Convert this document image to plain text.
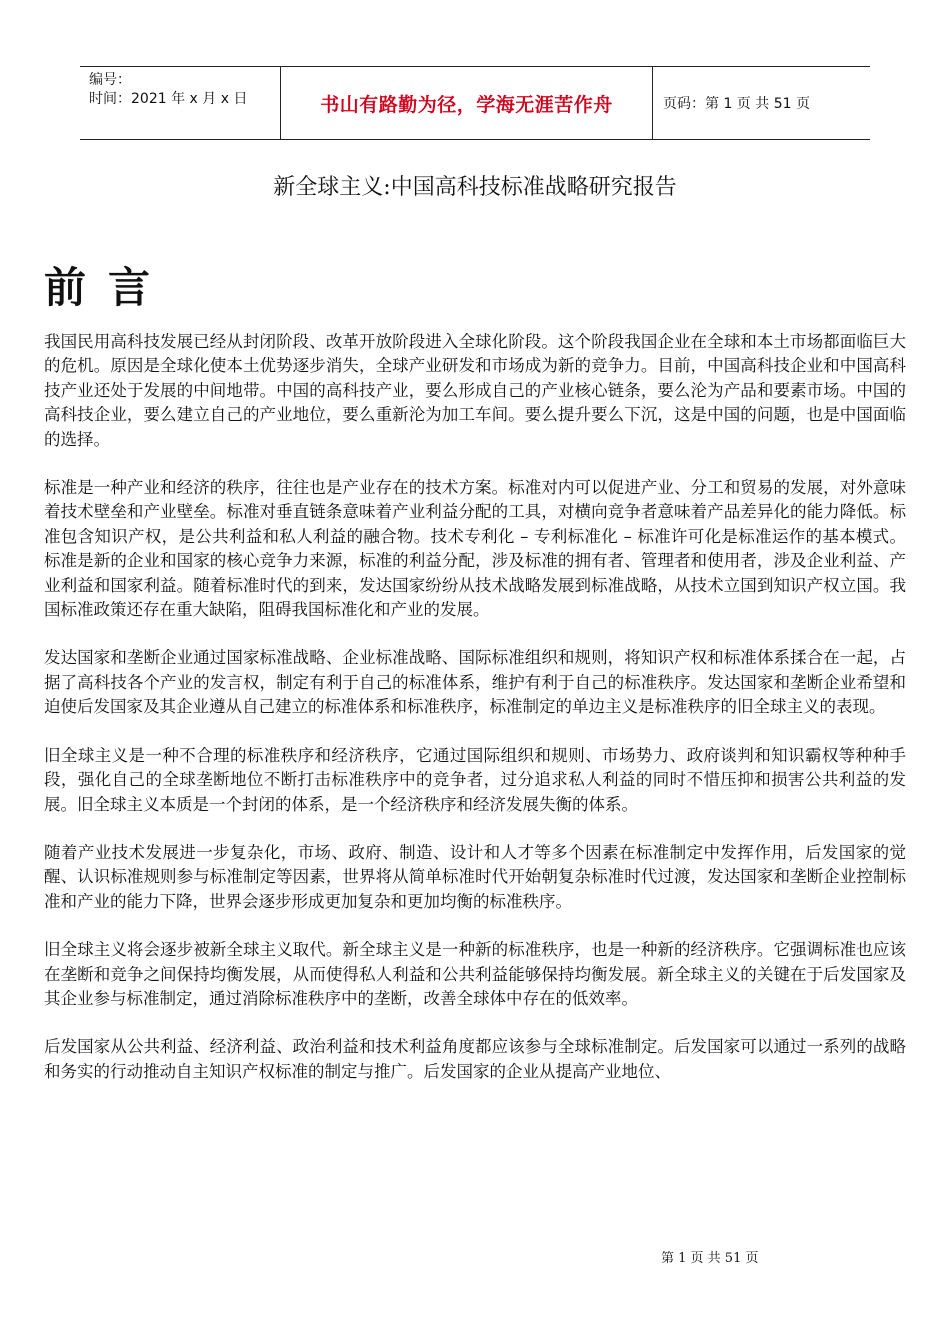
编号：
时间：2021 年 x 月 x 日	书山有路勤为径，学海无涯苦作舟	页码：第 1 页 共 51 页
新全球主义:中国高科技标准战略研究报告
前言

我国民用高科技发展已经从封闭阶段、改革开放阶段进入全球化阶段。这个阶段我国企业在全球和本土市场都面临巨大的危机。原因是全球化使本土优势逐步消失，全球产业研发和市场成为新的竞争力。目前，中国高科技企业和中国高科技产业还处于发展的中间地带。中国的高科技产业，要么形成自己的产业核心链条，要么沦为产品和要素市场。中国的高科技企业，要么建立自己的产业地位，要么重新沦为加工车间。要么提升要么下沉，这是中国的问题，也是中国面临的选择。

标准是一种产业和经济的秩序，往往也是产业存在的技术方案。标准对内可以促进产业、分工和贸易的发展，对外意味着技术壁垒和产业壁垒。标准对垂直链条意味着产业利益分配的工具，对横向竞争者意味着产品差异化的能力降低。标准包含知识产权，是公共利益和私人利益的融合物。技术专利化 – 专利标准化 – 标准许可化是标准运作的基本模式。标准是新的企业和国家的核心竞争力来源，标准的利益分配，涉及标准的拥有者、管理者和使用者，涉及企业利益、产业利益和国家利益。随着标准时代的到来，发达国家纷纷从技术战略发展到标准战略，从技术立国到知识产权立国。我国标准政策还存在重大缺陷，阻碍我国标准化和产业的发展。

发达国家和垄断企业通过国家标准战略、企业标准战略、国际标准组织和规则，将知识产权和标准体系揉合在一起，占据了高科技各个产业的发言权，制定有利于自己的标准体系，维护有利于自己的标准秩序。发达国家和垄断企业希望和迫使后发国家及其企业遵从自己建立的标准体系和标准秩序，标准制定的单边主义是标准秩序的旧全球主义的表现。

旧全球主义是一种不合理的标准秩序和经济秩序，它通过国际组织和规则、市场势力、政府谈判和知识霸权等种种手段，强化自己的全球垄断地位不断打击标准秩序中的竞争者，过分追求私人利益的同时不惜压抑和损害公共利益的发展。旧全球主义本质是一个封闭的体系，是一个经济秩序和经济发展失衡的体系。

随着产业技术发展进一步复杂化，市场、政府、制造、设计和人才等多个因素在标准制定中发挥作用，后发国家的觉醒、认识标准规则参与标准制定等因素，世界将从简单标准时代开始朝复杂标准时代过渡，发达国家和垄断企业控制标准和产业的能力下降，世界会逐步形成更加复杂和更加均衡的标准秩序。

旧全球主义将会逐步被新全球主义取代。新全球主义是一种新的标准秩序，也是一种新的经济秩序。它强调标准也应该在垄断和竞争之间保持均衡发展，从而使得私人利益和公共利益能够保持均衡发展。新全球主义的关键在于后发国家及其企业参与标准制定，通过消除标准秩序中的垄断，改善全球体中存在的低效率。

后发国家从公共利益、经济利益、政治利益和技术利益角度都应该参与全球标准制定。后发国家可以通过一系列的战略和务实的行动推动自主知识产权标准的制定与推广。后发国家的企业从提高产业地位、

第 1 页 共 51 页
